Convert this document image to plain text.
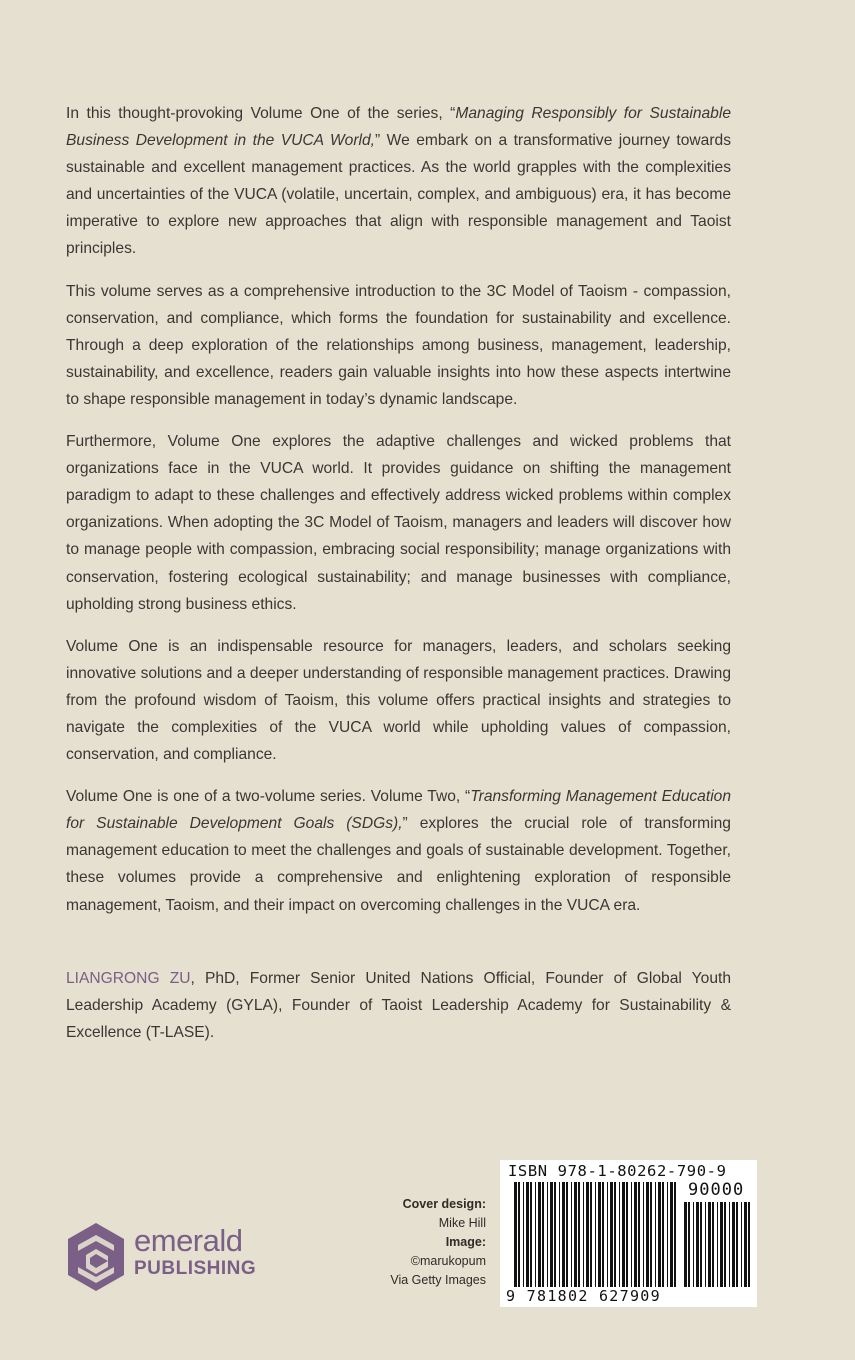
In this thought-provoking Volume One of the series, “Managing Responsibly for Sustainable Business Development in the VUCA World,” We embark on a transformative journey towards sustainable and excellent management practices. As the world grapples with the complexities and uncertainties of the VUCA (volatile, uncertain, complex, and ambiguous) era, it has become imperative to explore new approaches that align with responsible management and Taoist principles.

This volume serves as a comprehensive introduction to the 3C Model of Taoism - compassion, conservation, and compliance, which forms the foundation for sustainability and excellence. Through a deep exploration of the relationships among business, management, leadership, sustainability, and excellence, readers gain valuable insights into how these aspects intertwine to shape responsible management in today’s dynamic landscape.

Furthermore, Volume One explores the adaptive challenges and wicked problems that organizations face in the VUCA world. It provides guidance on shifting the management paradigm to adapt to these challenges and effectively address wicked problems within complex organizations. When adopting the 3C Model of Taoism, managers and leaders will discover how to manage people with compassion, embracing social responsibility; manage organizations with conservation, fostering ecological sustainability; and manage businesses with compliance, upholding strong business ethics.

Volume One is an indispensable resource for managers, leaders, and scholars seeking innovative solutions and a deeper understanding of responsible management practices. Drawing from the profound wisdom of Taoism, this volume offers practical insights and strategies to navigate the complexities of the VUCA world while upholding values of compassion, conservation, and compliance.

Volume One is one of a two-volume series. Volume Two, “Transforming Management Education for Sustainable Development Goals (SDGs),” explores the crucial role of transforming management education to meet the challenges and goals of sustainable development. Together, these volumes provide a comprehensive and enlightening exploration of responsible management, Taoism, and their impact on overcoming challenges in the VUCA era.

LIANGRONG ZU, PhD, Former Senior United Nations Official, Founder of Global Youth Leadership Academy (GYLA), Founder of Taoist Leadership Academy for Sustainability & Excellence (T-LASE).

Cover design:
Mike Hill
Image:
©marukopum
Via Getty Images
emerald
PUBLISHING
ISBN 978-1-80262-790-9
90000
9 781802 627909
